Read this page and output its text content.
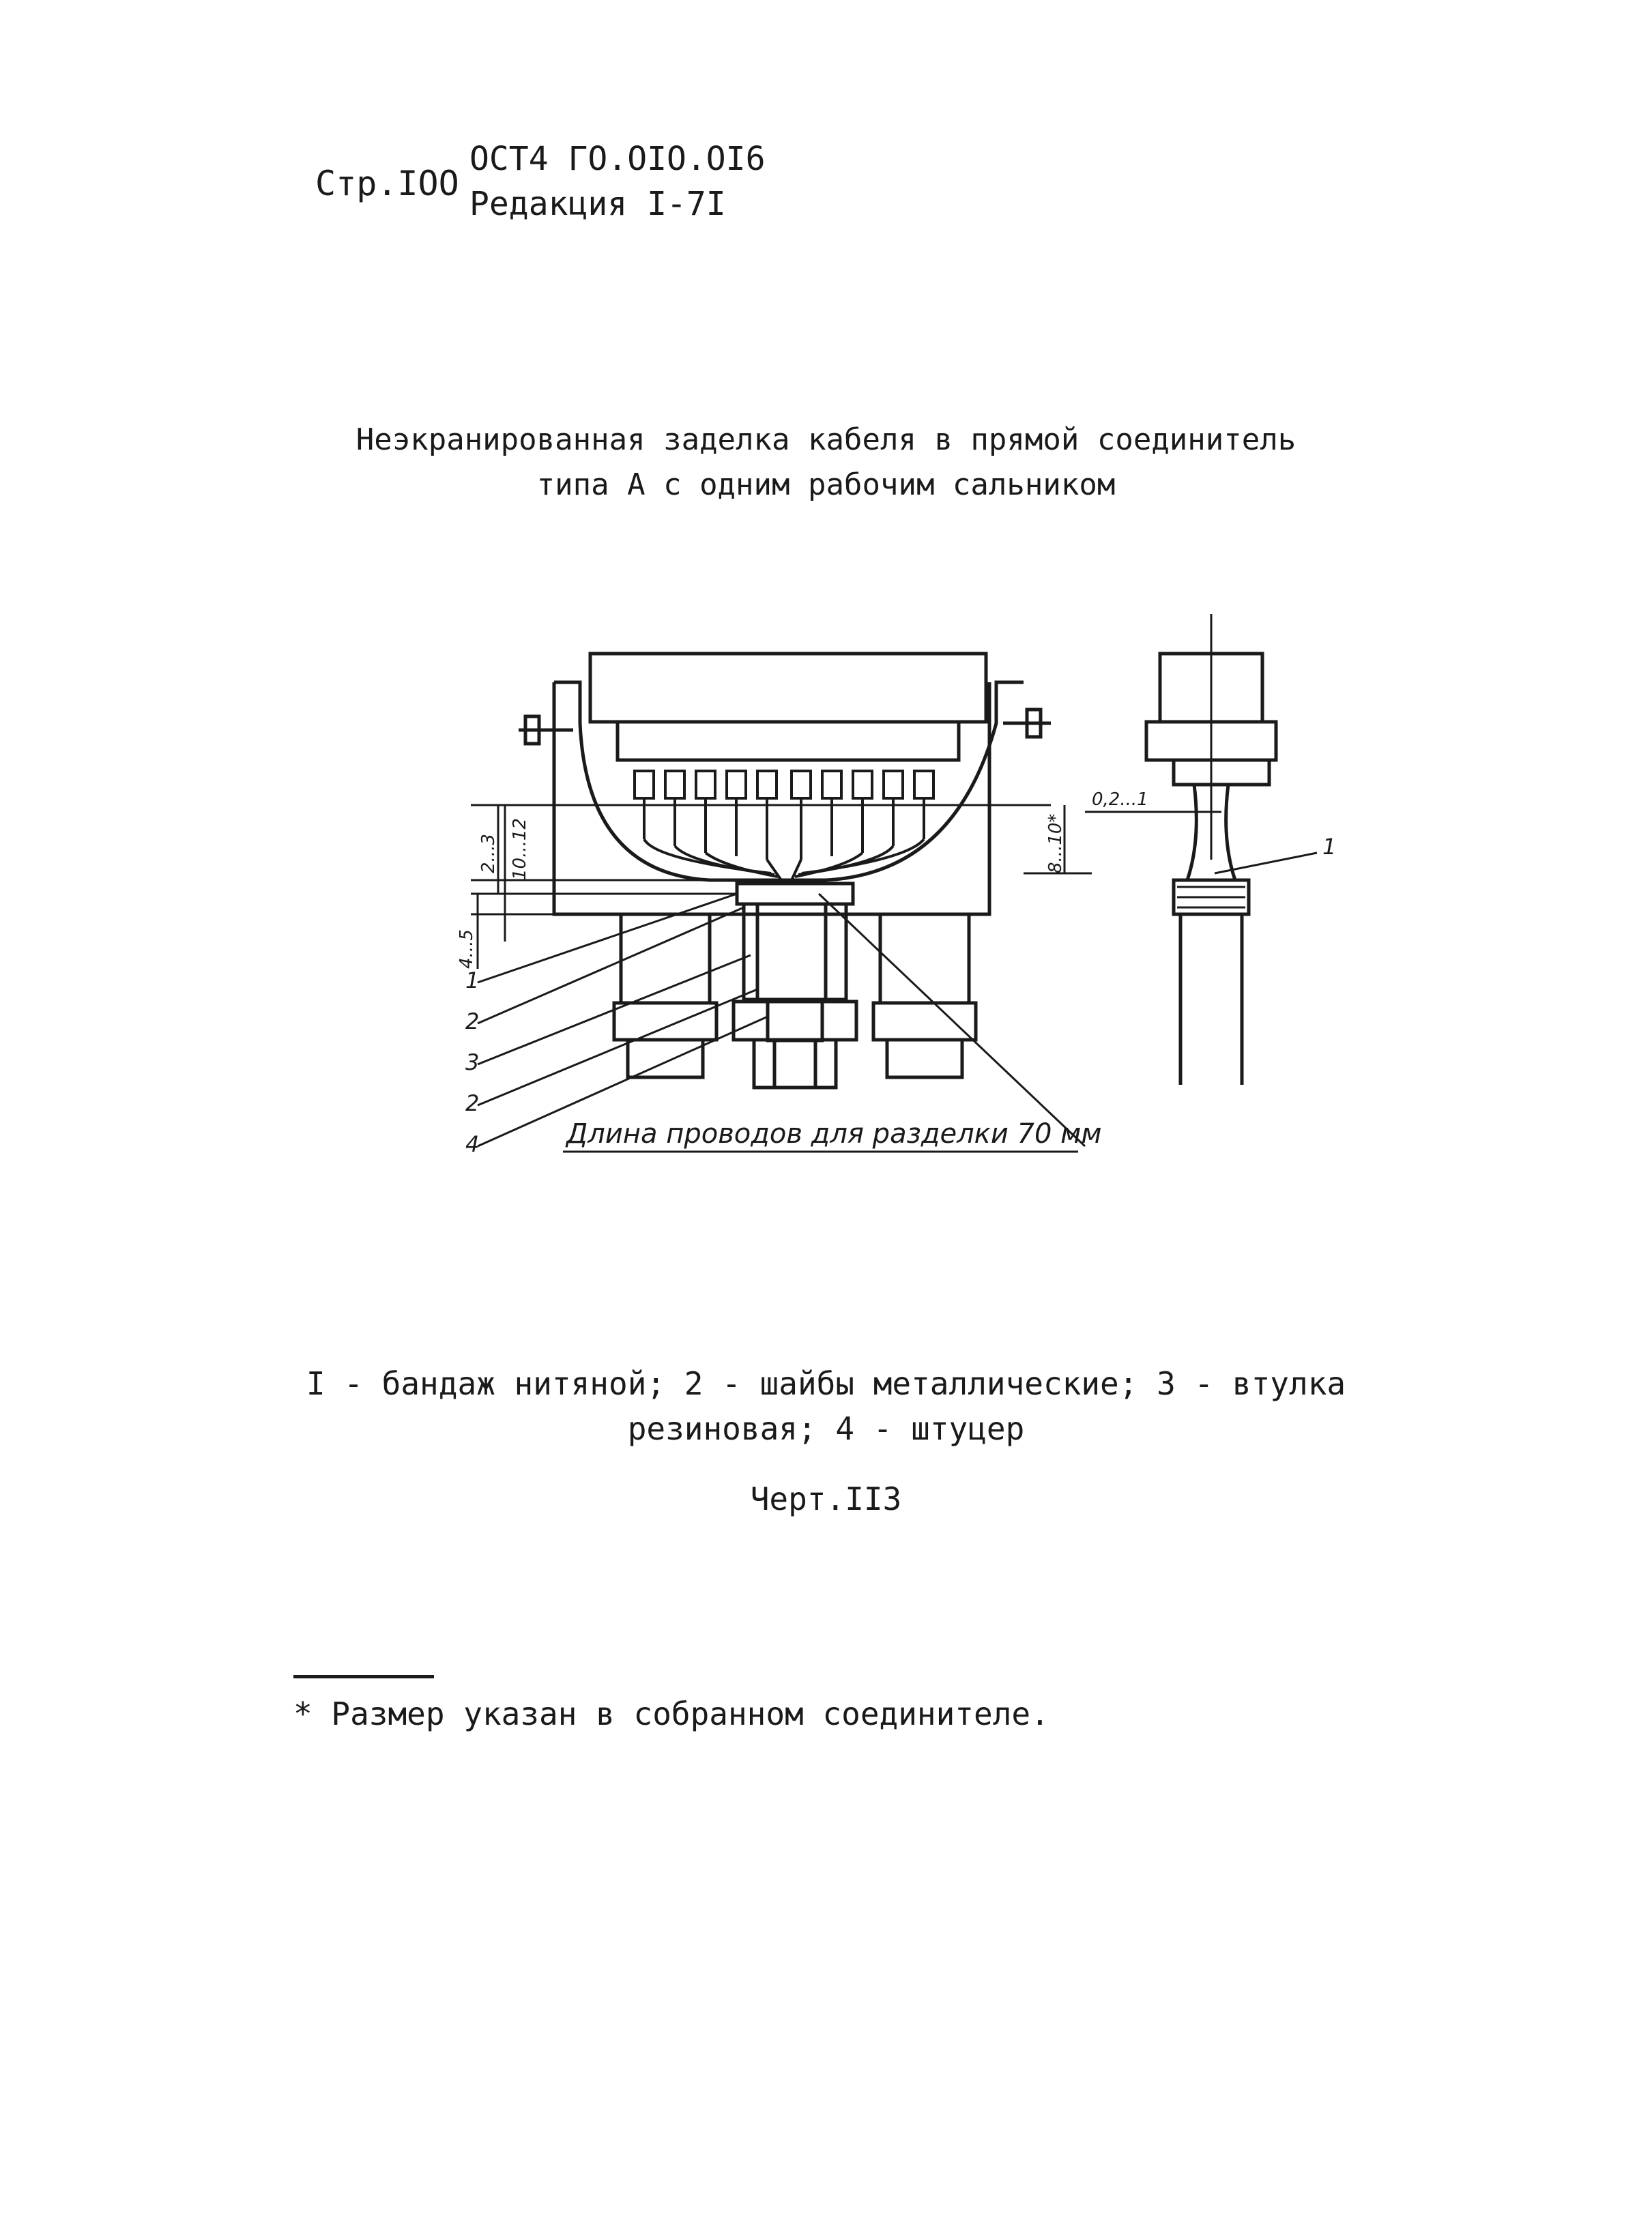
Стр.IOO
ОСТ4 ГО.ОIО.ОI6
Редакция I-7I
Неэкранированная заделка кабеля в прямой соединитель
типа А с одним рабочим сальником
2...3 10...12
4...5
8...10*
0,2...1
1
2
3
2
4
1
Длина проводов для разделки 70 мм
I - бандаж нитяной; 2 - шайбы металлические; 3 - втулка
резиновая; 4 - штуцер
Черт.II3
* Размер указан в собранном соединителе.
